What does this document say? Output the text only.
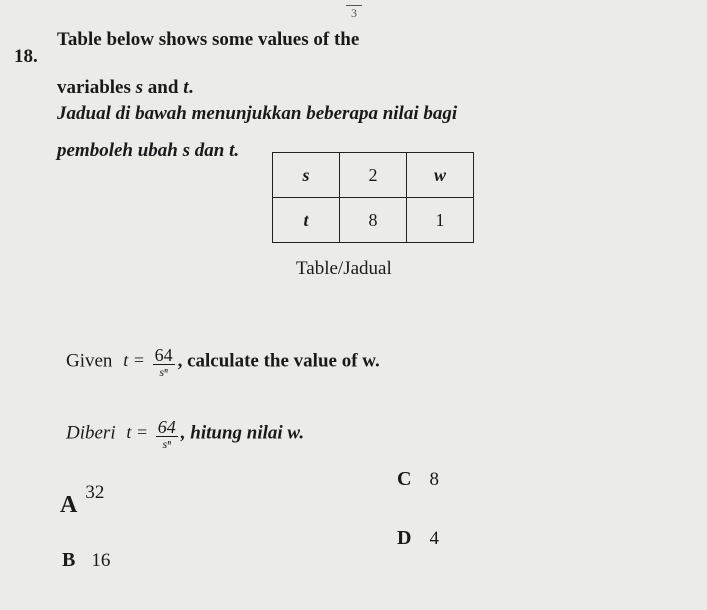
3
18.
Table below shows some values of the
variables s and t.
Jadual di bawah menunjukkan beberapa nilai bagi
pemboleh ubah s dan t.
s	2	w
t	8	1
Table/Jadual
Given $t = \frac{64}{\text{sⁿ}}$ , calculate the value of w.
Diberi $t = \frac{64}{\text{sⁿ}}$ , hitung nilai w.
A 32
B 16
C 8
D 4
